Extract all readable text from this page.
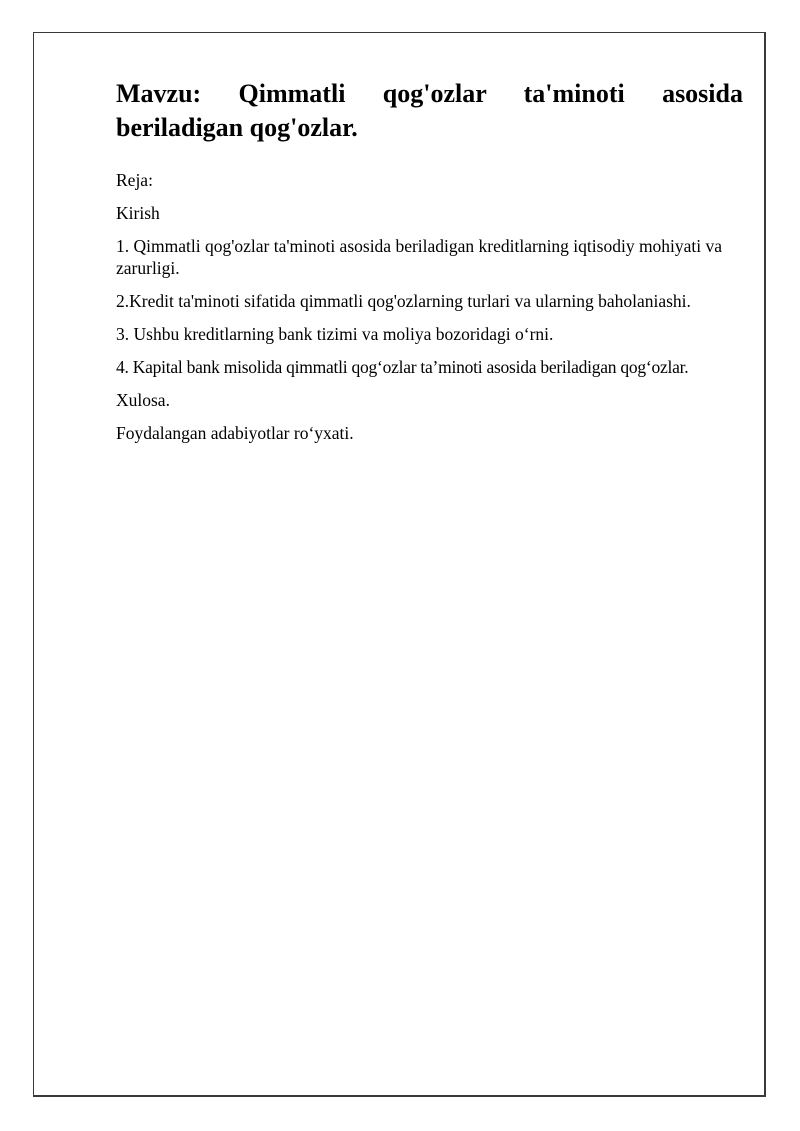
Mavzu: Qimmatli qog'ozlar ta'minoti asosida beriladigan qog'ozlar.

Reja:

Kirish

1. Qimmatli qog'ozlar ta'minoti asosida beriladigan kreditlarning iqtisodiy mohiyati va zarurligi.

2.Kredit ta'minoti sifatida qimmatli qog'ozlarning turlari va ularning baholaniashi.

3. Ushbu kreditlarning bank tizimi va moliya bozoridagi o‘rni.

4. Kapital bank misolida qimmatli qog‘ozlar ta’minoti asosida beriladigan qog‘ozlar.

Xulosa.

Foydalangan adabiyotlar ro‘yxati.
